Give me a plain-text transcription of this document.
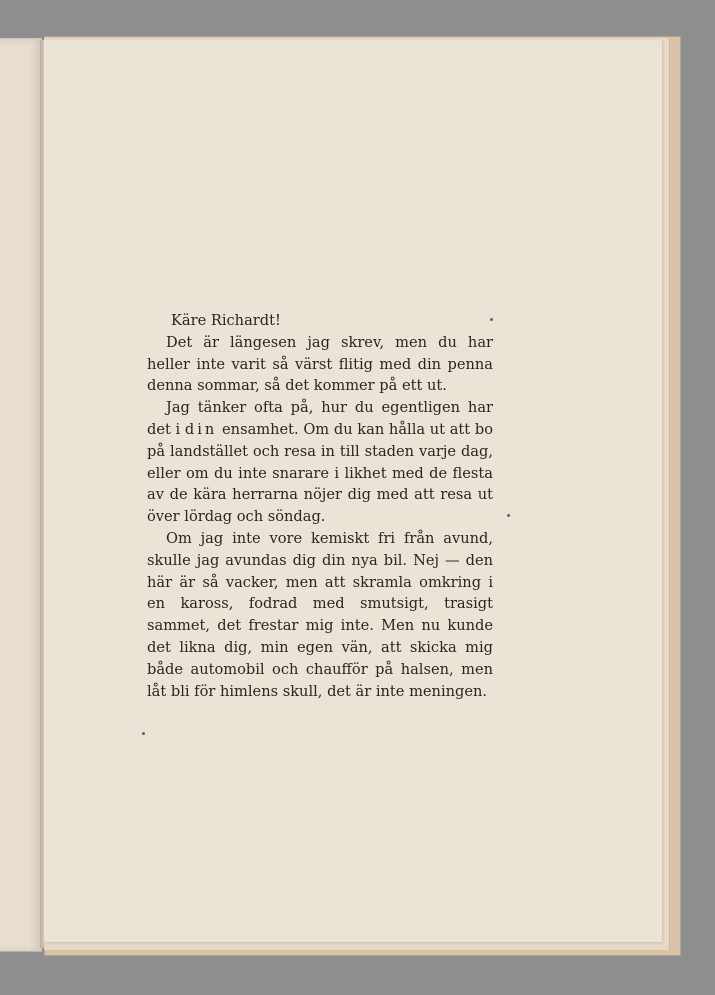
Käre Richardt!

Det är längesen jag skrev, men du har heller inte varit så värst flitig med din penna denna sommar, så det kommer på ett ut.

Jag tänker ofta på, hur du egentligen har det i din ensamhet. Om du kan hålla ut att bo på landstället och resa in till staden varje dag, eller om du inte snarare i likhet med de flesta av de kära herrarna nöjer dig med att resa ut över lördag och söndag.

Om jag inte vore kemiskt fri från avund, skulle jag avundas dig din nya bil. Nej — den här är så vacker, men att skramla omkring i en kaross, fodrad med smutsigt, trasigt sammet, det frestar mig inte. Men nu kunde det likna dig, min egen vän, att skicka mig både automobil och chaufför på halsen, men låt bli för himlens skull, det är inte meningen.
